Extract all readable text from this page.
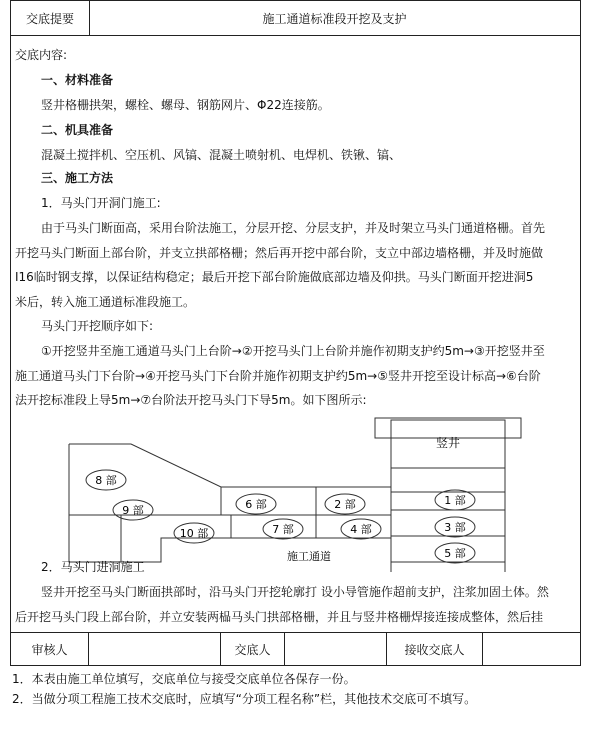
交底提要	施工通道标准段开挖及支护
交底内容:
一、材料准备
竖井格栅拱架，螺栓、螺母、钢筋网片、Φ22连接筋。
二、机具准备
混凝土搅拌机、空压机、风镐、混凝土喷射机、电焊机、铁锹、镐、
三、施工方法
1．马头门开洞门施工:
由于马头门断面高，采用台阶法施工，分层开挖、分层支护，并及时架立马头门通道格栅。首先
开挖马头门断面上部台阶，并支立拱部格栅；然后再开挖中部台阶，支立中部边墙格栅，并及时施做
I16临时钢支撑，以保证结构稳定；最后开挖下部台阶施做底部边墙及仰拱。马头门断面开挖进洞5
米后，转入施工通道标准段施工。
马头门开挖顺序如下:
①开挖竖井至施工通道马头门上台阶→②开挖马头门上台阶并施作初期支护约5m→③开挖竖井至
施工通道马头门下台阶→④开挖马头门下台阶并施作初期支护约5m→⑤竖井开挖至设计标高→⑥台阶
法开挖标准段上导5m→⑦台阶法开挖马头门下导5m。如下图所示:
竖井
施工通道
1 部
2 部
3 部
4 部
5 部
6 部
7 部
8 部
9 部
10 部
2．马头门进洞施工
竖井开挖至马头门断面拱部时，沿马头门开挖轮廓打 设小导管施作超前支护，注浆加固土体。然
后开挖马头门段上部台阶，并立安装两榀马头门拱部格栅，并且与竖井格栅焊接连接成整体，然后挂
审核人	交底人	接收交底人
1．本表由施工单位填写，交底单位与接受交底单位各保存一份。
2．当做分项工程施工技术交底时，应填写“分项工程名称”栏，其他技术交底可不填写。
